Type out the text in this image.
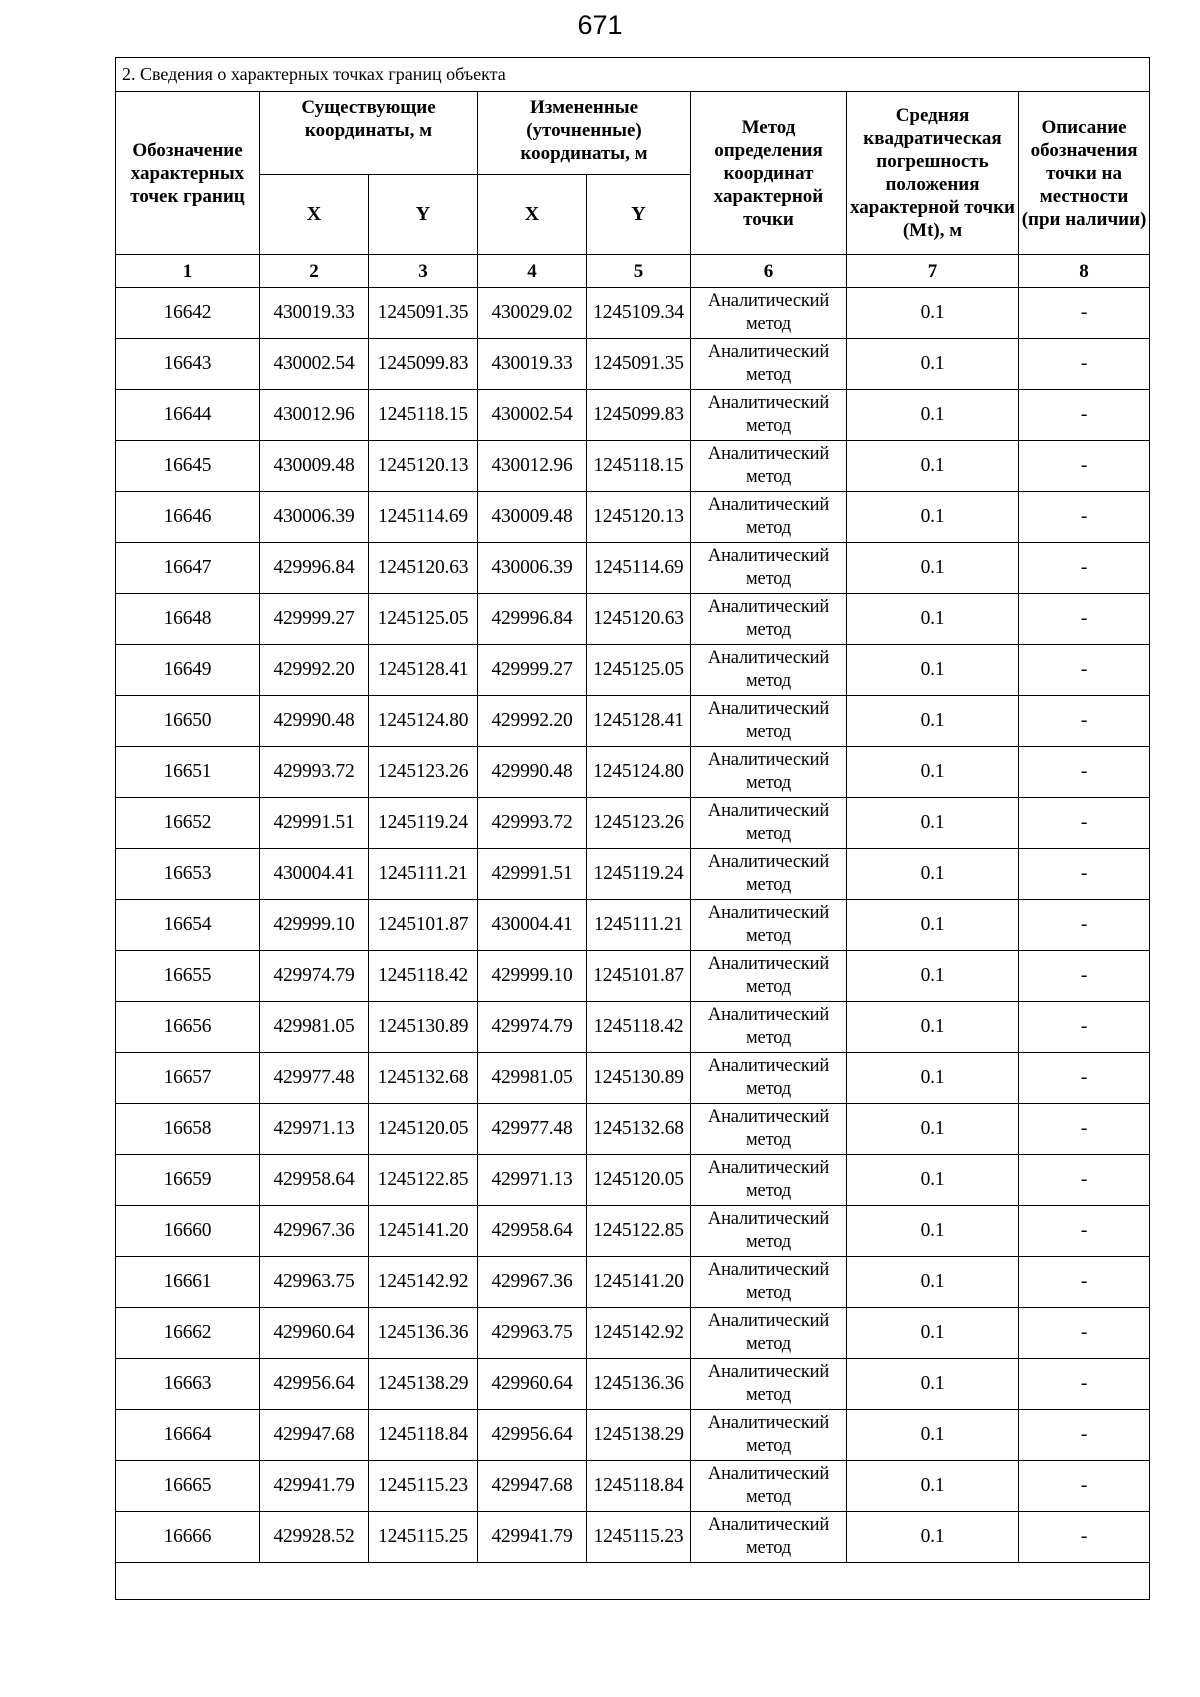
671
2. Сведения о характерных точках границ объекта							
Обозначение характерных точек границ	Существующие координаты, м		Измененные (уточненные) координаты, м		Метод определения координат характерной точки	Средняя квадратическая погрешность положения характерной точки (Mt), м	Описание обозначения точки на местности (при наличии)
	X	Y	X	Y			
1	2	3	4	5	6	7	8
16642	430019.33	1245091.35	430029.02	1245109.34	Аналитический метод	0.1	-
16643	430002.54	1245099.83	430019.33	1245091.35	Аналитический метод	0.1	-
16644	430012.96	1245118.15	430002.54	1245099.83	Аналитический метод	0.1	-
16645	430009.48	1245120.13	430012.96	1245118.15	Аналитический метод	0.1	-
16646	430006.39	1245114.69	430009.48	1245120.13	Аналитический метод	0.1	-
16647	429996.84	1245120.63	430006.39	1245114.69	Аналитический метод	0.1	-
16648	429999.27	1245125.05	429996.84	1245120.63	Аналитический метод	0.1	-
16649	429992.20	1245128.41	429999.27	1245125.05	Аналитический метод	0.1	-
16650	429990.48	1245124.80	429992.20	1245128.41	Аналитический метод	0.1	-
16651	429993.72	1245123.26	429990.48	1245124.80	Аналитический метод	0.1	-
16652	429991.51	1245119.24	429993.72	1245123.26	Аналитический метод	0.1	-
16653	430004.41	1245111.21	429991.51	1245119.24	Аналитический метод	0.1	-
16654	429999.10	1245101.87	430004.41	1245111.21	Аналитический метод	0.1	-
16655	429974.79	1245118.42	429999.10	1245101.87	Аналитический метод	0.1	-
16656	429981.05	1245130.89	429974.79	1245118.42	Аналитический метод	0.1	-
16657	429977.48	1245132.68	429981.05	1245130.89	Аналитический метод	0.1	-
16658	429971.13	1245120.05	429977.48	1245132.68	Аналитический метод	0.1	-
16659	429958.64	1245122.85	429971.13	1245120.05	Аналитический метод	0.1	-
16660	429967.36	1245141.20	429958.64	1245122.85	Аналитический метод	0.1	-
16661	429963.75	1245142.92	429967.36	1245141.20	Аналитический метод	0.1	-
16662	429960.64	1245136.36	429963.75	1245142.92	Аналитический метод	0.1	-
16663	429956.64	1245138.29	429960.64	1245136.36	Аналитический метод	0.1	-
16664	429947.68	1245118.84	429956.64	1245138.29	Аналитический метод	0.1	-
16665	429941.79	1245115.23	429947.68	1245118.84	Аналитический метод	0.1	-
16666	429928.52	1245115.25	429941.79	1245115.23	Аналитический метод	0.1	-
